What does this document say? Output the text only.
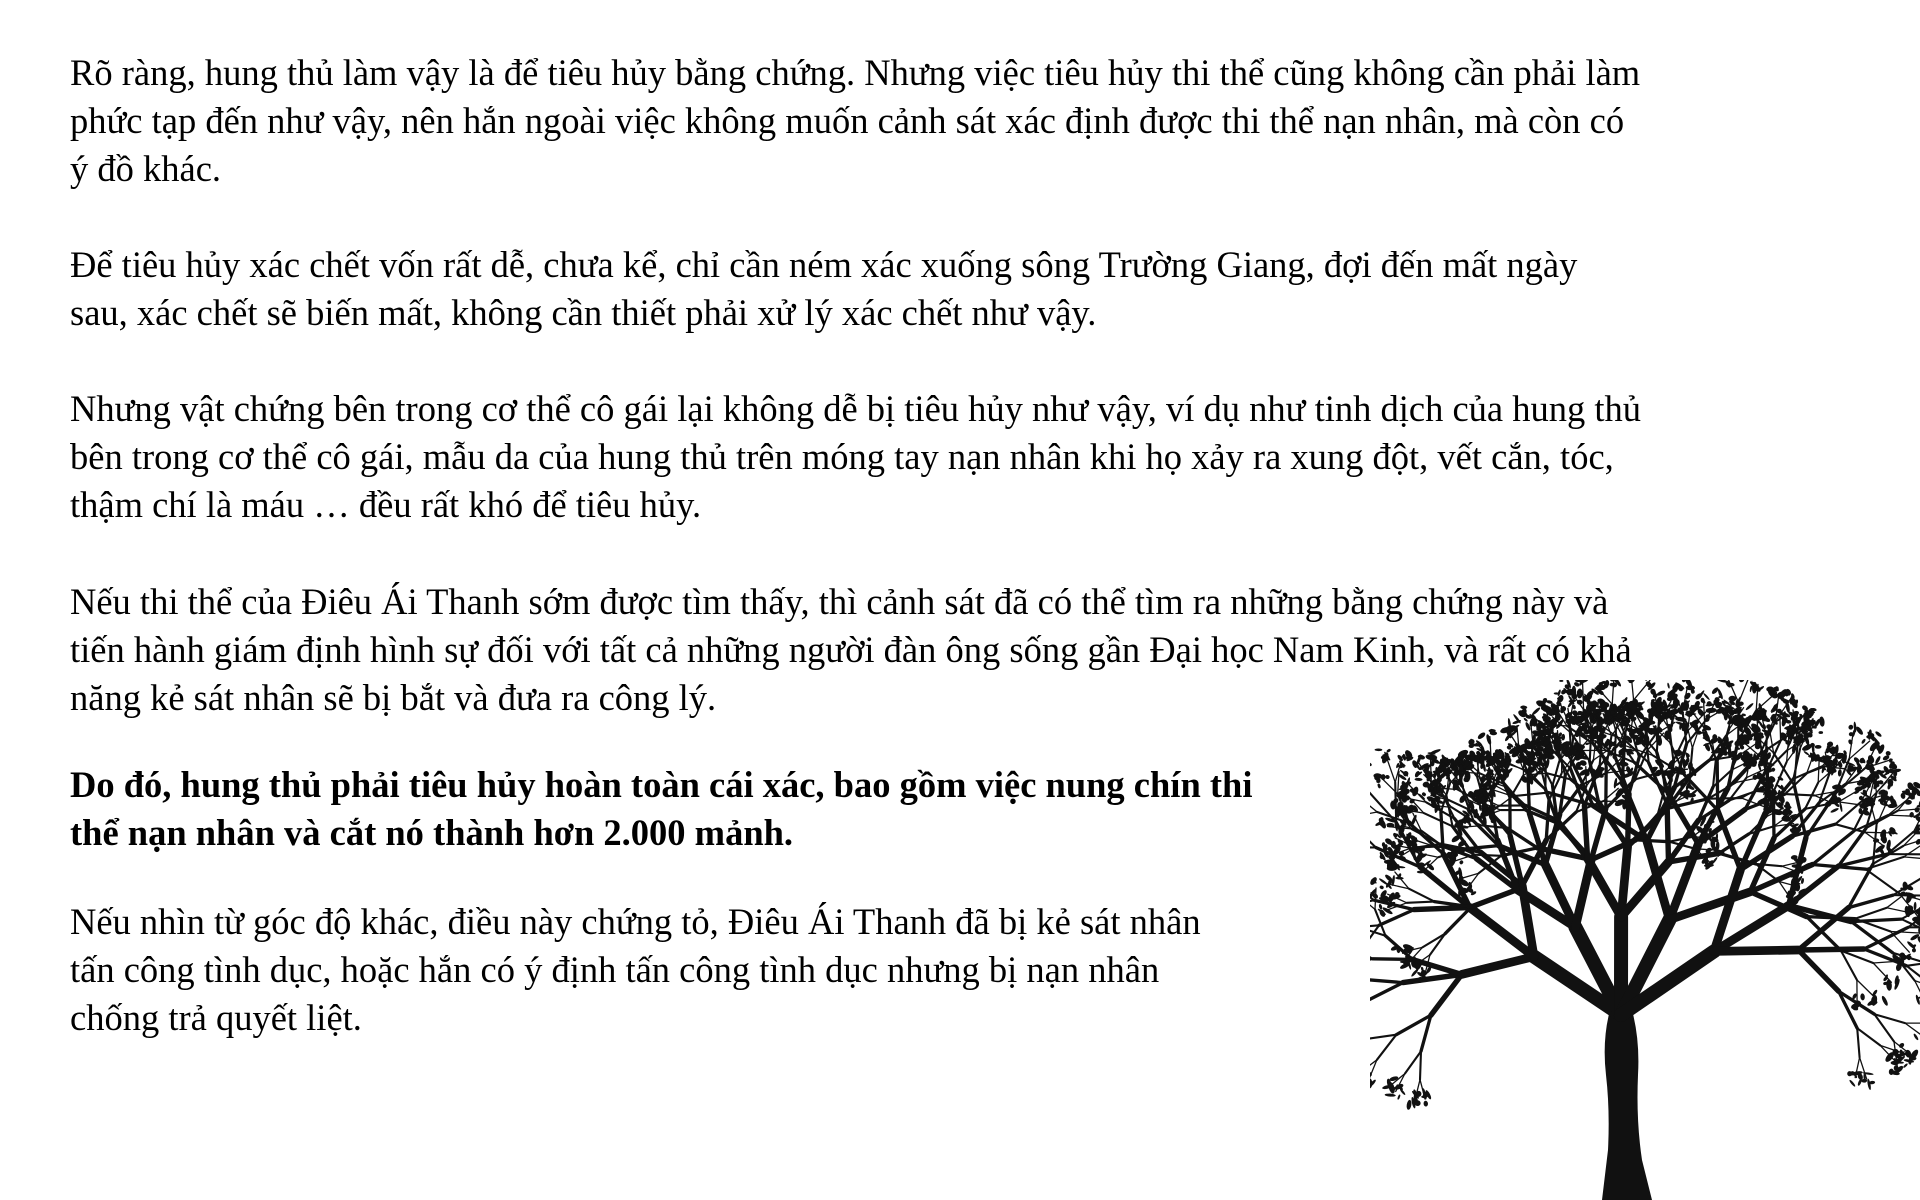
Rõ ràng, hung thủ làm vậy là để tiêu hủy bằng chứng. Nhưng việc tiêu hủy thi thể cũng không cần phải làm
phức tạp đến như vậy, nên hắn ngoài việc không muốn cảnh sát xác định được thi thể nạn nhân, mà còn có
ý đồ khác.

Để tiêu hủy xác chết vốn rất dễ, chưa kể, chỉ cần ném xác xuống sông Trường Giang, đợi đến mất ngày
sau, xác chết sẽ biến mất, không cần thiết phải xử lý xác chết như vậy.

Nhưng vật chứng bên trong cơ thể cô gái lại không dễ bị tiêu hủy như vậy, ví dụ như tinh dịch của hung thủ
bên trong cơ thể cô gái, mẫu da của hung thủ trên móng tay nạn nhân khi họ xảy ra xung đột, vết cắn, tóc,
thậm chí là máu … đều rất khó để tiêu hủy.

Nếu thi thể của Điêu Ái Thanh sớm được tìm thấy, thì cảnh sát đã có thể tìm ra những bằng chứng này và
tiến hành giám định hình sự đối với tất cả những người đàn ông sống gần Đại học Nam Kinh, và rất có khả
năng kẻ sát nhân sẽ bị bắt và đưa ra công lý.

Do đó, hung thủ phải tiêu hủy hoàn toàn cái xác, bao gồm việc nung chín thi
thể nạn nhân và cắt nó thành hơn 2.000 mảnh.

Nếu nhìn từ góc độ khác, điều này chứng tỏ, Điêu Ái Thanh đã bị kẻ sát nhân
tấn công tình dục, hoặc hắn có ý định tấn công tình dục nhưng bị nạn nhân
chống trả quyết liệt.
